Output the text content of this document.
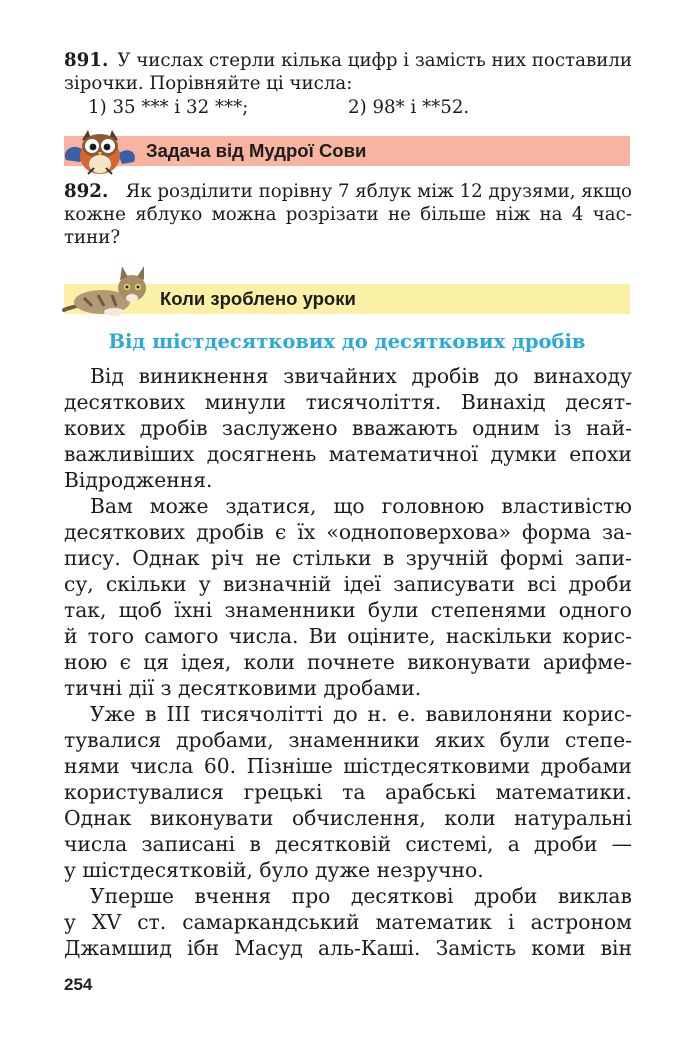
891. У числах стерли кілька цифр і замість них поставили
зірочки. Порівняйте ці числа:
1) 35 *** і 32 ***;	2) 98* і **52.
Задача від Мудрої Сови
892. Як розділити порівну 7 яблук між 12 друзями, якщо
кожне яблуко можна розрізати не більше ніж на 4 час-
тини?
Коли зроблено уроки
Від шістдесяткових до десяткових дробів
Від виникнення звичайних дробів до винаходу
десяткових минули тисячоліття. Винахід десят-
кових дробів заслужено вважають одним із най-
важливіших досягнень математичної думки епохи
Відродження.
Вам може здатися, що головною властивістю
десяткових дробів є їх «одноповерхова» форма за-
пису. Однак річ не стільки в зручній формі запи-
су, скільки у визначній ідеї записувати всі дроби
так, щоб їхні знаменники були степенями одного
й того самого числа. Ви оціните, наскільки корис-
ною є ця ідея, коли почнете виконувати арифме-
тичні дії з десятковими дробами.
Уже в III тисячолітті до н. е. вавилоняни корис-
тувалися дробами, знаменники яких були степе-
нями числа 60. Пізніше шістдесятковими дробами
користувалися грецькі та арабські математики.
Однак виконувати обчислення, коли натуральні
числа записані в десятковій системі, а дроби —
у шістдесятковій, було дуже незручно.
Уперше вчення про десяткові дроби виклав
у XV ст. самаркандський математик і астроном
Джамшид ібн Масуд аль-Каші. Замість коми він
254
